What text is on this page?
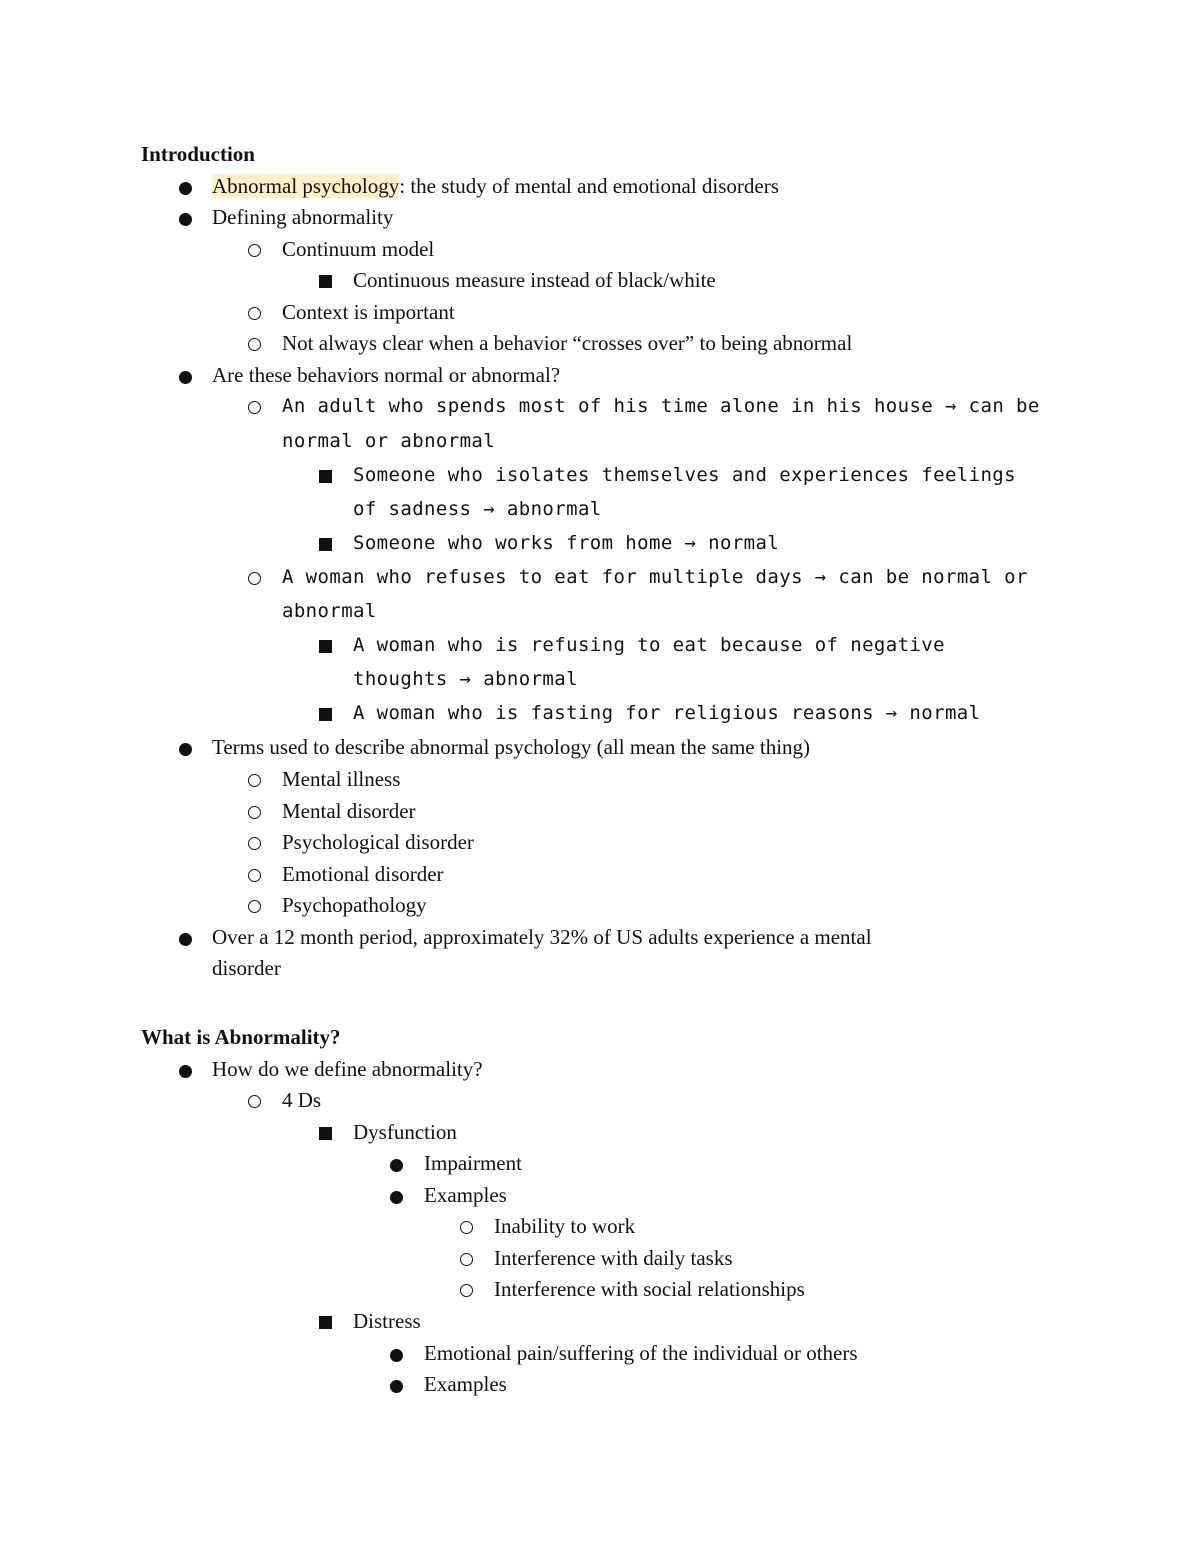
Introduction
Abnormal psychology: the study of mental and emotional disorders
Defining abnormality
Continuum model
Continuous measure instead of black/white
Context is important
Not always clear when a behavior “crosses over” to being abnormal
Are these behaviors normal or abnormal?
An adult who spends most of his time alone in his house → can be
normal or abnormal
Someone who isolates themselves and experiences feelings
of sadness → abnormal
Someone who works from home → normal
A woman who refuses to eat for multiple days → can be normal or
abnormal
A woman who is refusing to eat because of negative
thoughts → abnormal
A woman who is fasting for religious reasons → normal
Terms used to describe abnormal psychology (all mean the same thing)
Mental illness
Mental disorder
Psychological disorder
Emotional disorder
Psychopathology
Over a 12 month period, approximately 32% of US adults experience a mental
disorder
What is Abnormality?
How do we define abnormality?
4 Ds
Dysfunction
Impairment
Examples
Inability to work
Interference with daily tasks
Interference with social relationships
Distress
Emotional pain/suffering of the individual or others
Examples
